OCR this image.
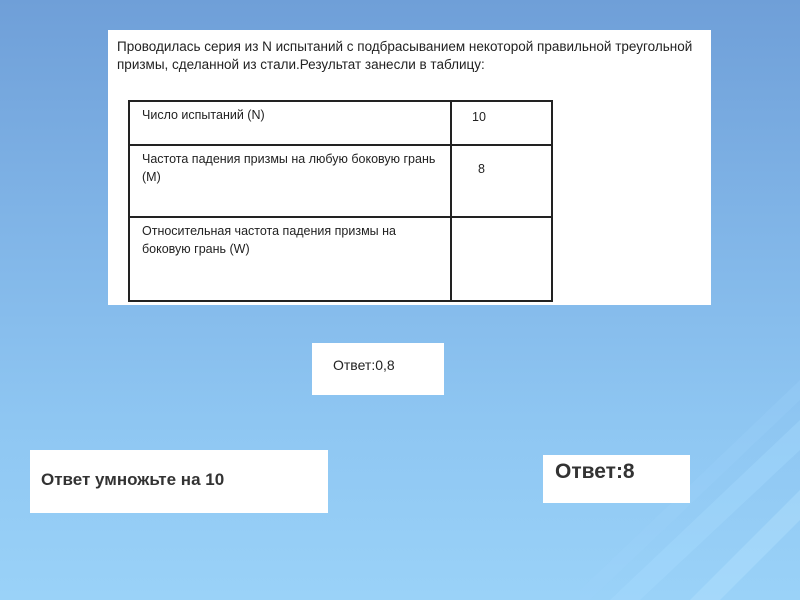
Проводилась серия из N испытаний с подбрасыванием некоторой правильной треугольной призмы, сделанной из стали.Результат занесли в таблицу:
Число испытаний (N)	10
Частота падения призмы на любую боковую грань (М)	8
Относительная частота падения призмы на боковую грань (W)	
Ответ:0,8
Ответ умножьте на 10	Ответ:8
